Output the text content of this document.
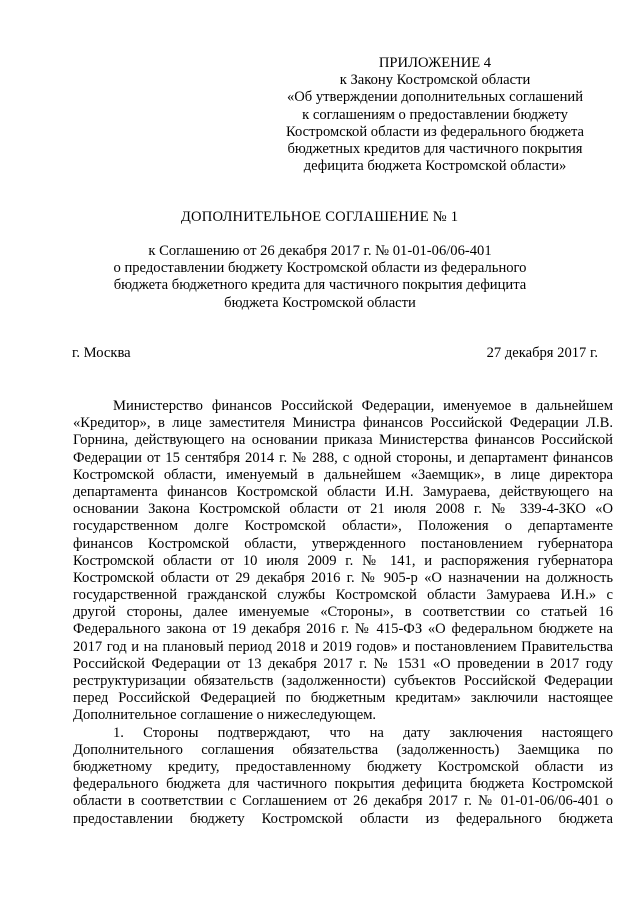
ПРИЛОЖЕНИЕ 4
к Закону Костромской области
«Об утверждении дополнительных соглашений
к соглашениям о предоставлении бюджету
Костромской области из федерального бюджета
бюджетных кредитов для частичного покрытия
дефицита бюджета Костромской области»
ДОПОЛНИТЕЛЬНОЕ СОГЛАШЕНИЕ № 1
к Соглашению от 26 декабря 2017 г. № 01-01-06/06-401
о предоставлении бюджету Костромской области из федерального
бюджета бюджетного кредита для частичного покрытия дефицита
бюджета Костромской области
г. Москва	27 декабря 2017 г.
Министерство финансов Российской Федерации, именуемое в дальнейшем
«Кредитор», в лице заместителя Министра финансов Российской Федерации Л.В.
Горнина, действующего на основании приказа Министерства финансов Российской
Федерации от 15 сентября 2014 г. № 288, с одной стороны, и департамент финансов
Костромской области, именуемый в дальнейшем «Заемщик», в лице директора
департамента финансов Костромской области И.Н. Замураева, действующего на
основании Закона Костромской области от 21 июля 2008 г. № 339-4-ЗКО «О
государственном долге Костромской области», Положения о департаменте
финансов Костромской области, утвержденного постановлением губернатора
Костромской области от 10 июля 2009 г. № 141, и распоряжения губернатора
Костромской области от 29 декабря 2016 г. № 905-р «О назначении на должность
государственной гражданской службы Костромской области Замураева И.Н.» с
другой стороны, далее именуемые «Стороны», в соответствии со статьей 16
Федерального закона от 19 декабря 2016 г. № 415-ФЗ «О федеральном бюджете на
2017 год и на плановый период 2018 и 2019 годов» и постановлением Правительства
Российской Федерации от 13 декабря 2017 г. № 1531 «О проведении в 2017 году
реструктуризации обязательств (задолженности) субъектов Российской Федерации
перед Российской Федерацией по бюджетным кредитам» заключили настоящее
Дополнительное соглашение о нижеследующем.
1. Стороны подтверждают, что на дату заключения настоящего
Дополнительного соглашения обязательства (задолженность) Заемщика по
бюджетному кредиту, предоставленному бюджету Костромской области из
федерального бюджета для частичного покрытия дефицита бюджета Костромской
области в соответствии с Соглашением от 26 декабря 2017 г. № 01-01-06/06-401 о
предоставлении бюджету Костромской области из федерального бюджета
